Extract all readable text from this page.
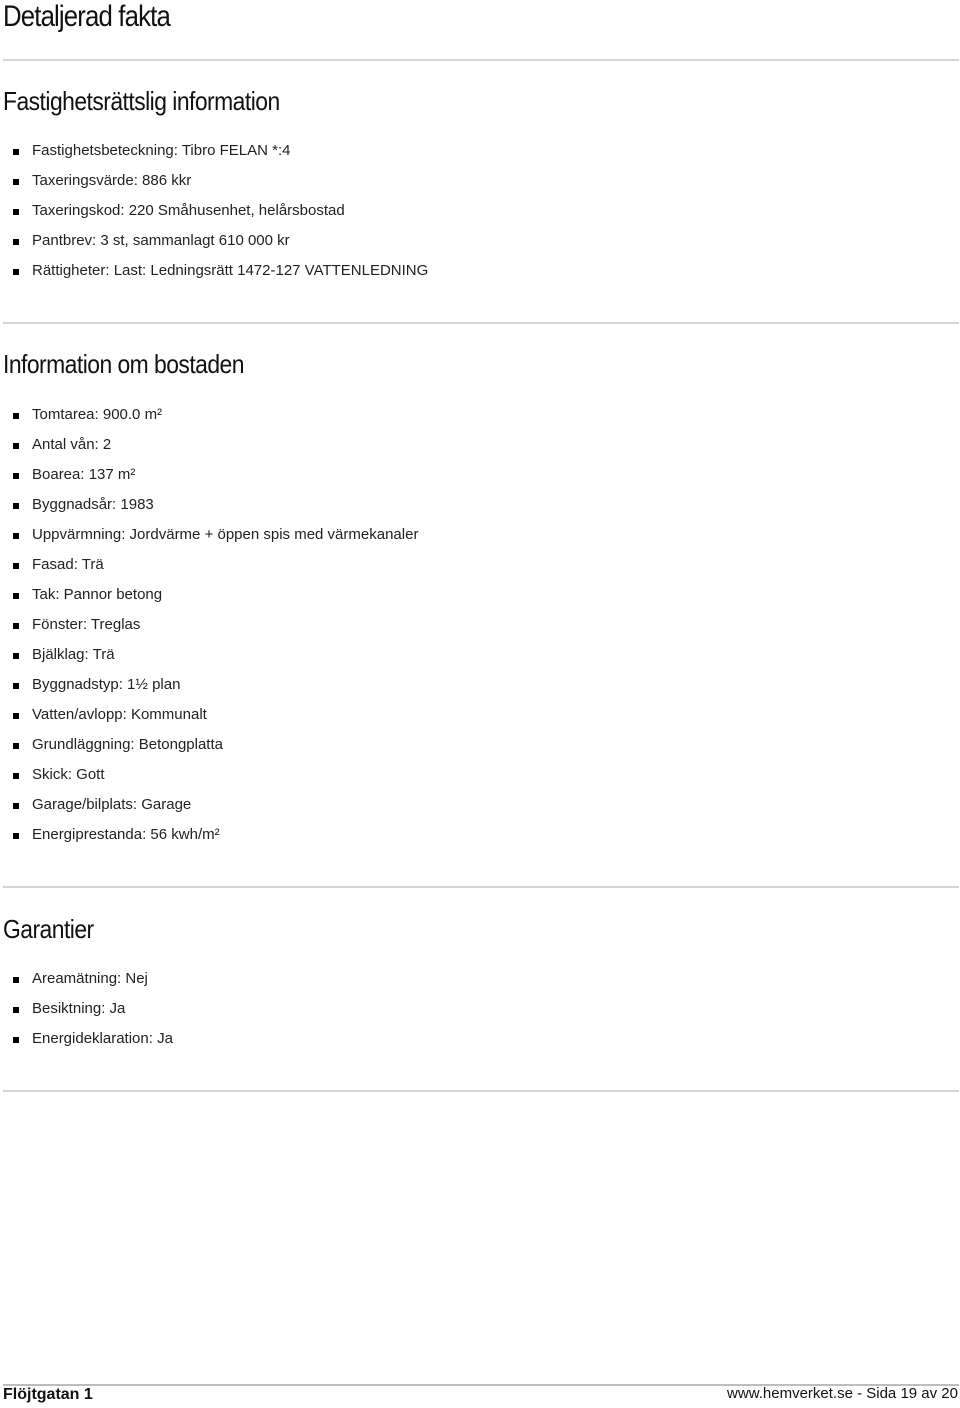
Detaljerad fakta
Fastighetsrättslig information
Fastighetsbeteckning: Tibro FELAN *:4
Taxeringsvärde: 886 kkr
Taxeringskod: 220 Småhusenhet, helårsbostad
Pantbrev: 3 st, sammanlagt 610 000 kr
Rättigheter: Last: Ledningsrätt 1472-127 VATTENLEDNING
Information om bostaden
Tomtarea: 900.0 m²
Antal vån: 2
Boarea: 137 m²
Byggnadsår: 1983
Uppvärmning: Jordvärme + öppen spis med värmekanaler
Fasad: Trä
Tak: Pannor betong
Fönster: Treglas
Bjälklag: Trä
Byggnadstyp: 1½ plan
Vatten/avlopp: Kommunalt
Grundläggning: Betongplatta
Skick: Gott
Garage/bilplats: Garage
Energiprestanda: 56 kwh/m²
Garantier
Areamätning: Nej
Besiktning: Ja
Energideklaration: Ja
Flöjtgatan 1	www.hemverket.se - Sida 19 av 20
